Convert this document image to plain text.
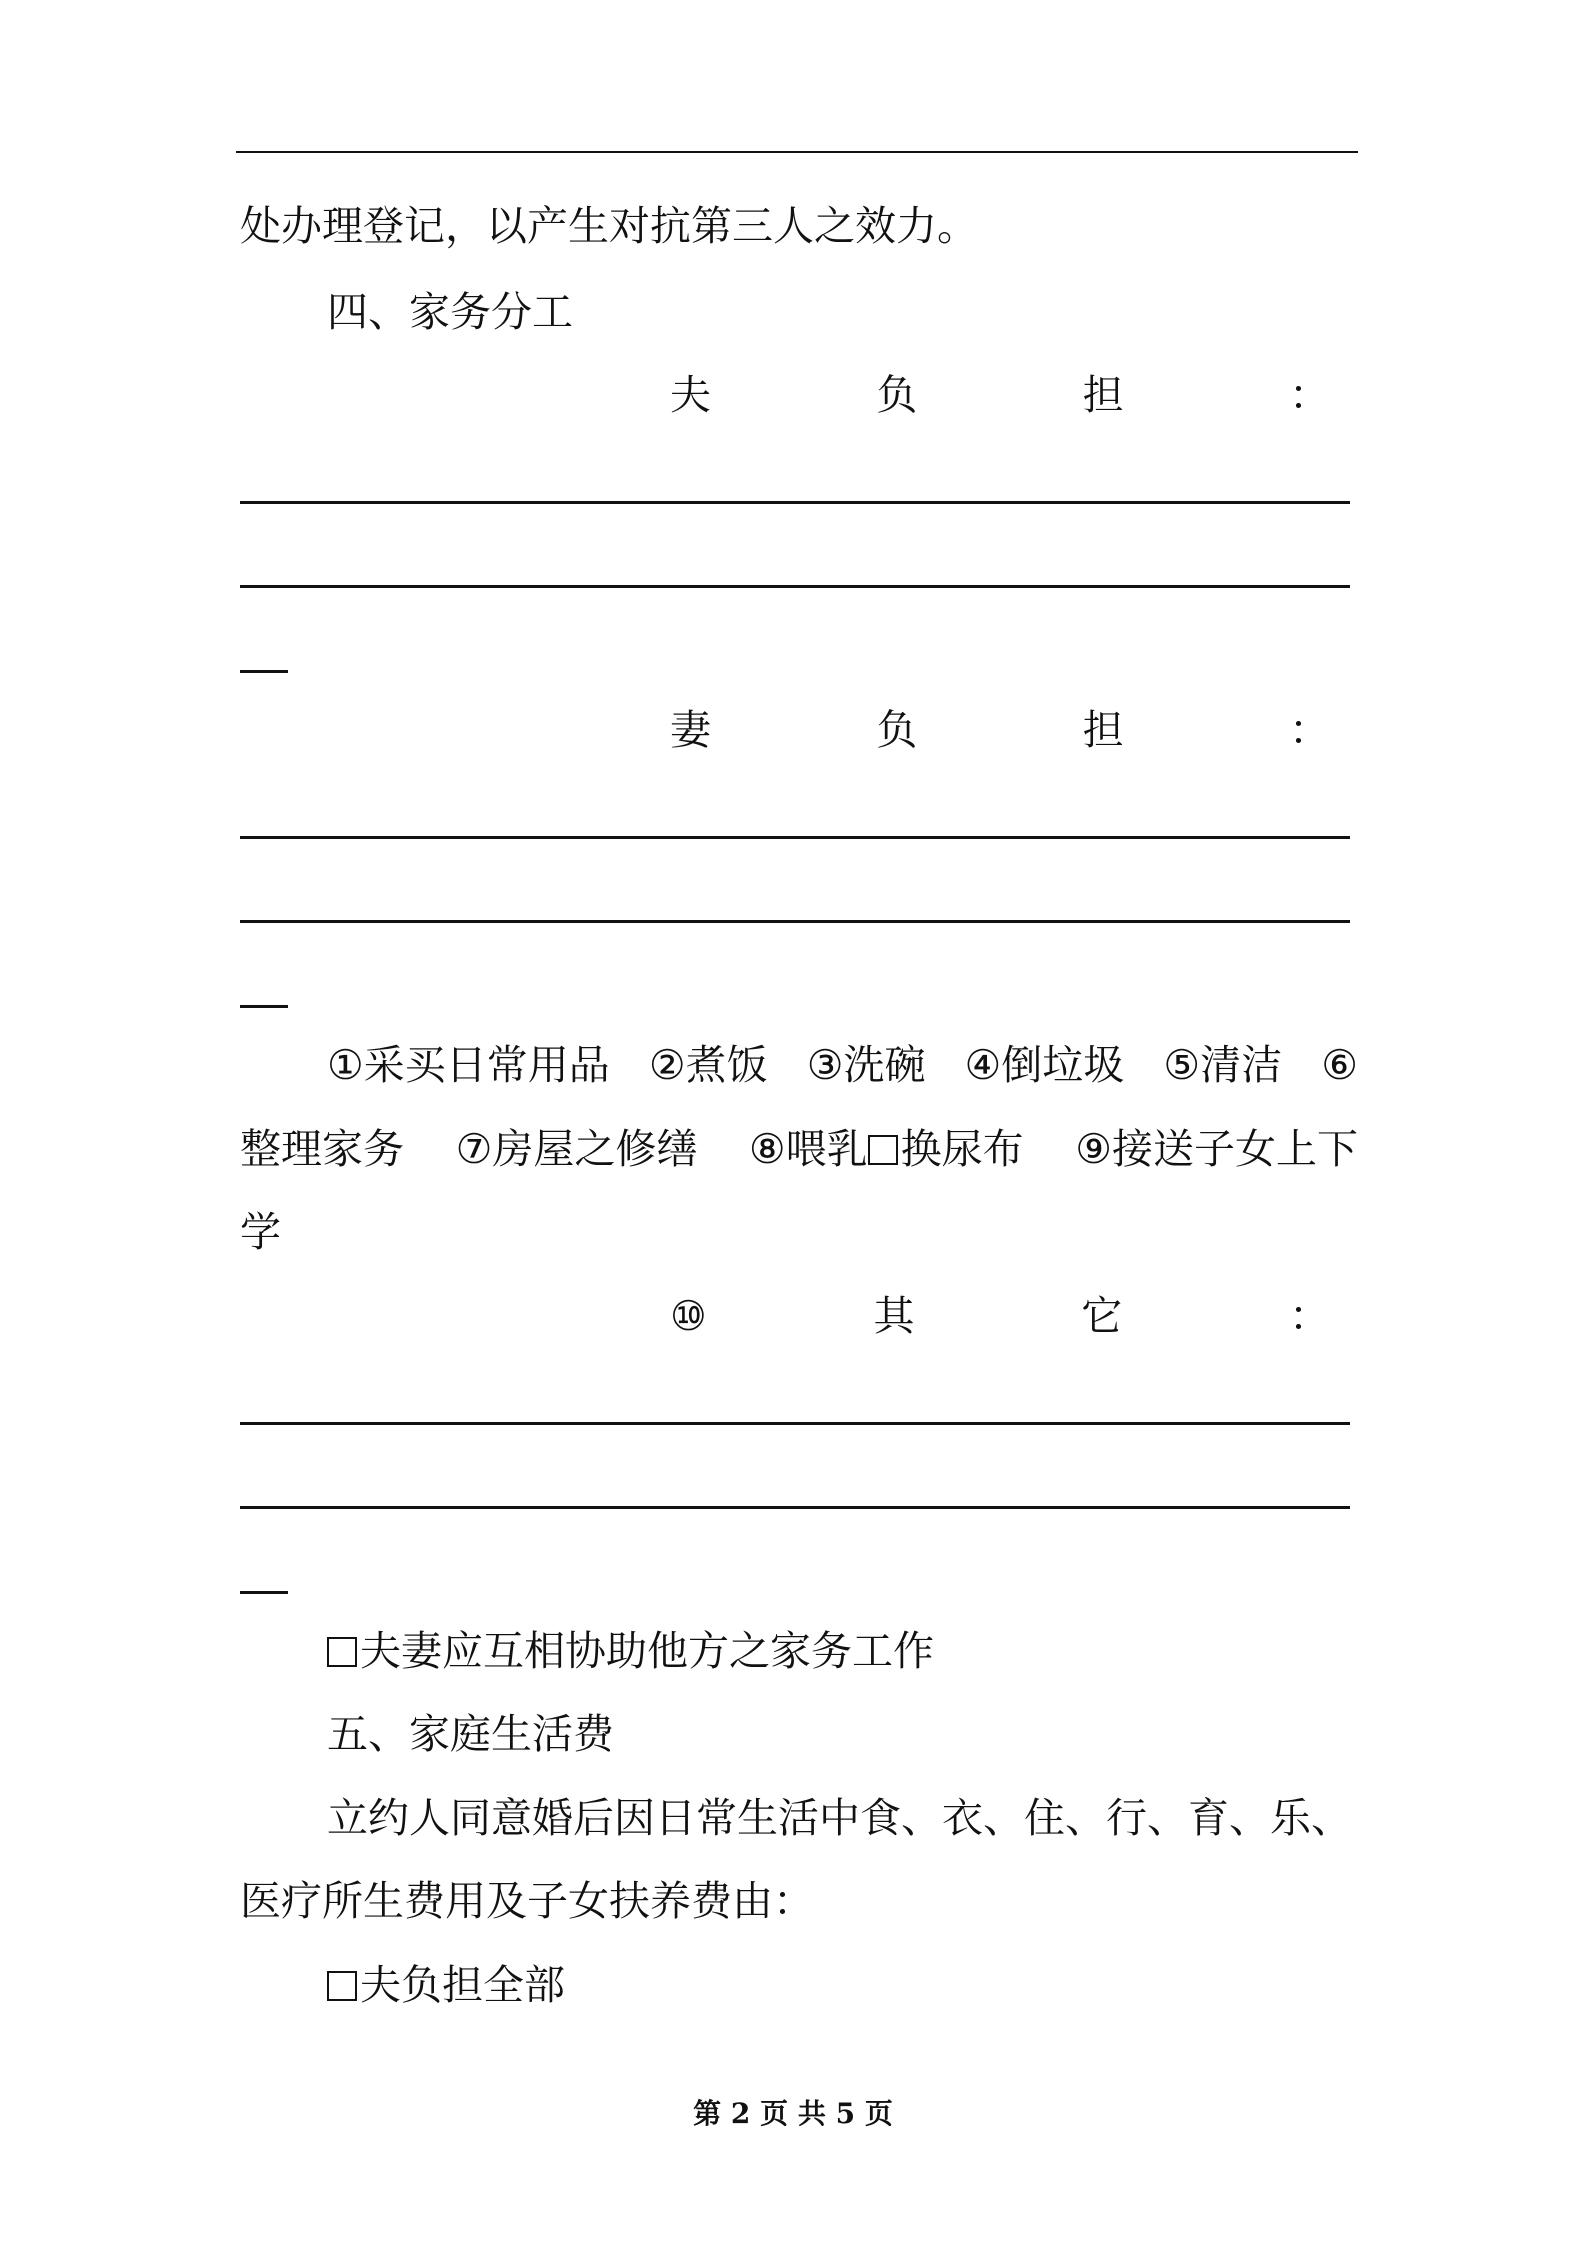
处办理登记，以产生对抗第三人之效力。
四、家务分工
夫	负	担	：
妻	负	担	：
①采买日常用品 ②煮饭 ③洗碗 ④倒垃圾 ⑤清洁 ⑥
整理家务 ⑦房屋之修缮 ⑧喂乳 换尿布 ⑨接送子女上下
学
⑩	其	它	：
夫妻应互相协助他方之家务工作
五、家庭生活费
立约人同意婚后因日常生活中食、衣、住、行、育、乐、
医疗所生费用及子女扶养费由：
夫负担全部
第 2 页 共 5 页
